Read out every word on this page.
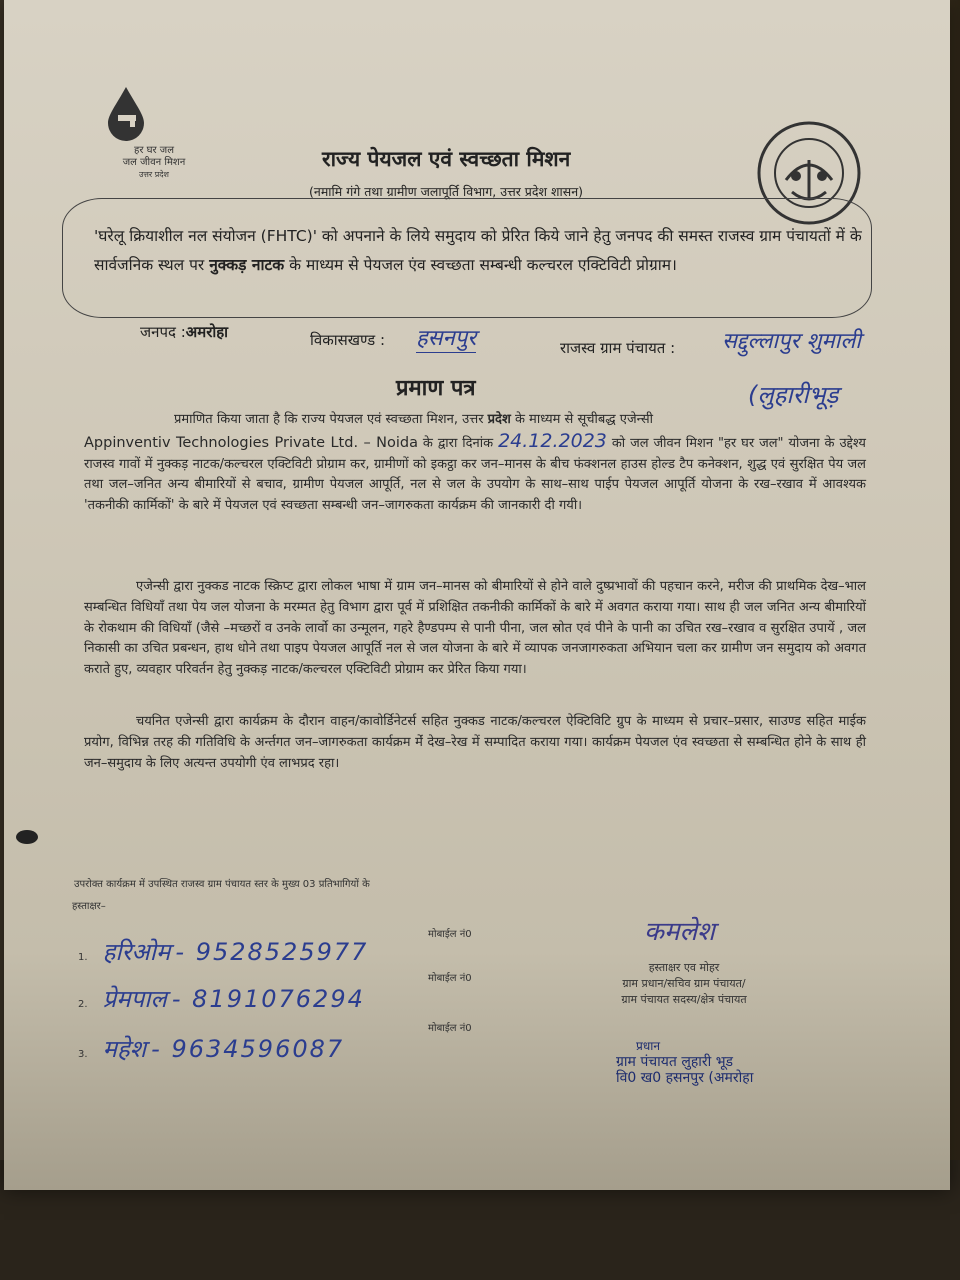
हर घर जल
जल जीवन मिशन
उत्तर प्रदेश
राज्य पेयजल एवं स्वच्छता मिशन
(नमामि गंगे तथा ग्रामीण जलापूर्ति विभाग, उत्तर प्रदेश शासन)
'घरेलू क्रियाशील नल संयोजन (FHTC)' को अपनाने के लिये समुदाय को प्रेरित किये जाने हेतु जनपद की समस्त राजस्व ग्राम पंचायतों में के सार्वजनिक स्थल पर नुक्कड़ नाटक के माध्यम से पेयजल एंव स्वच्छता सम्बन्धी कल्चरल एक्टिविटी प्रोग्राम।
जनपद :अमरोहा	विकासखण्ड : हसनपुर	राजस्व ग्राम पंचायत : सद्दुल्लापुर शुमाली
(लुहारीभूड़
प्रमाण पत्र
प्रमाणित किया जाता है कि राज्य पेयजल एवं स्वच्छता मिशन, उत्तर प्रदेश के माध्यम से सूचीबद्ध एजेन्सी
Appinventiv Technologies Private Ltd. – Noida के द्वारा दिनांक 24.12.2023 को जल जीवन मिशन "हर घर जल" योजना के उद्देश्य राजस्व गावों में नुक्कड़ नाटक/कल्चरल एक्टिविटी प्रोग्राम कर, ग्रामीणों को इकट्ठा कर जन–मानस के बीच फंक्शनल हाउस होल्ड टैप कनेक्शन, शुद्ध एवं सुरक्षित पेय जल तथा जल–जनित अन्य बीमारियों से बचाव, ग्रामीण पेयजल आपूर्ति, नल से जल के उपयोग के साथ–साथ पाईप पेयजल आपूर्ति योजना के रख–रखाव में आवश्यक 'तकनीकी कार्मिकों' के बारे में पेयजल एवं स्वच्छता सम्बन्धी जन–जागरुकता कार्यक्रम की जानकारी दी गयी।
एजेन्सी द्वारा नुक्कड नाटक स्क्रिप्ट द्वारा लोकल भाषा में ग्राम जन–मानस को बीमारियों से होने वाले दुष्प्रभावों की पहचान करने, मरीज की प्राथमिक देख–भाल सम्बन्धित विधियाँ तथा पेय जल योजना के मरम्मत हेतु विभाग द्वारा पूर्व में प्रशिक्षित तकनीकी कार्मिकों के बारे में अवगत कराया गया। साथ ही जल जनित अन्य बीमारियों के रोकथाम की विधियाँ (जैसे –मच्छरों व उनके लार्वो का उन्मूलन, गहरे हैण्डपम्प से पानी पीना, जल स्रोत एवं पीने के पानी का उचित रख–रखाव व सुरक्षित उपायें , जल निकासी का उचित प्रबन्धन, हाथ धोने तथा पाइप पेयजल आपूर्ति नल से जल योजना के बारे में व्यापक जनजागरुकता अभियान चला कर ग्रामीण जन समुदाय को अवगत कराते हुए, व्यवहार परिवर्तन हेतु नुक्कड़ नाटक/कल्चरल एक्टिविटी प्रोग्राम कर प्रेरित किया गया।
चयनित एजेन्सी द्वारा कार्यक्रम के दौरान वाहन/कावोर्डिनेटर्स सहित नुक्कड नाटक/कल्चरल ऐक्टिविटि ग्रुप के माध्यम से प्रचार–प्रसार, साउण्ड सहित माईक प्रयोग, विभिन्न तरह की गतिविधि के अर्न्तगत जन–जागरुकता कार्यक्रम मेंं देख–रेख में सम्पादित कराया गया। कार्यक्रम पेयजल एंव स्वच्छता से सम्बन्धित होने के साथ ही जन–समुदाय के लिए अत्यन्त उपयोगी एंव लाभप्रद रहा।
उपरोक्त कार्यक्रम में उपस्थित राजस्व ग्राम पंचायत स्तर के मुख्य 03 प्रतिभागियों के
हस्ताक्षर–
मोबाईल नं0
मोबाईल नं0
मोबाईल नं0
1. हरिओम - 9528525977
2. प्रेमपाल - 8191076294
3. महेश - 9634596087
कमलेश
हस्ताक्षर एव मोहर
ग्राम प्रधान/सचिव ग्राम पंचायत/
ग्राम पंचायत सदस्य/क्षेत्र पंचायत
प्रधान
ग्राम पंचायत लुहारी भूड
वि0 ख0 हसनपुर (अमरोहा
